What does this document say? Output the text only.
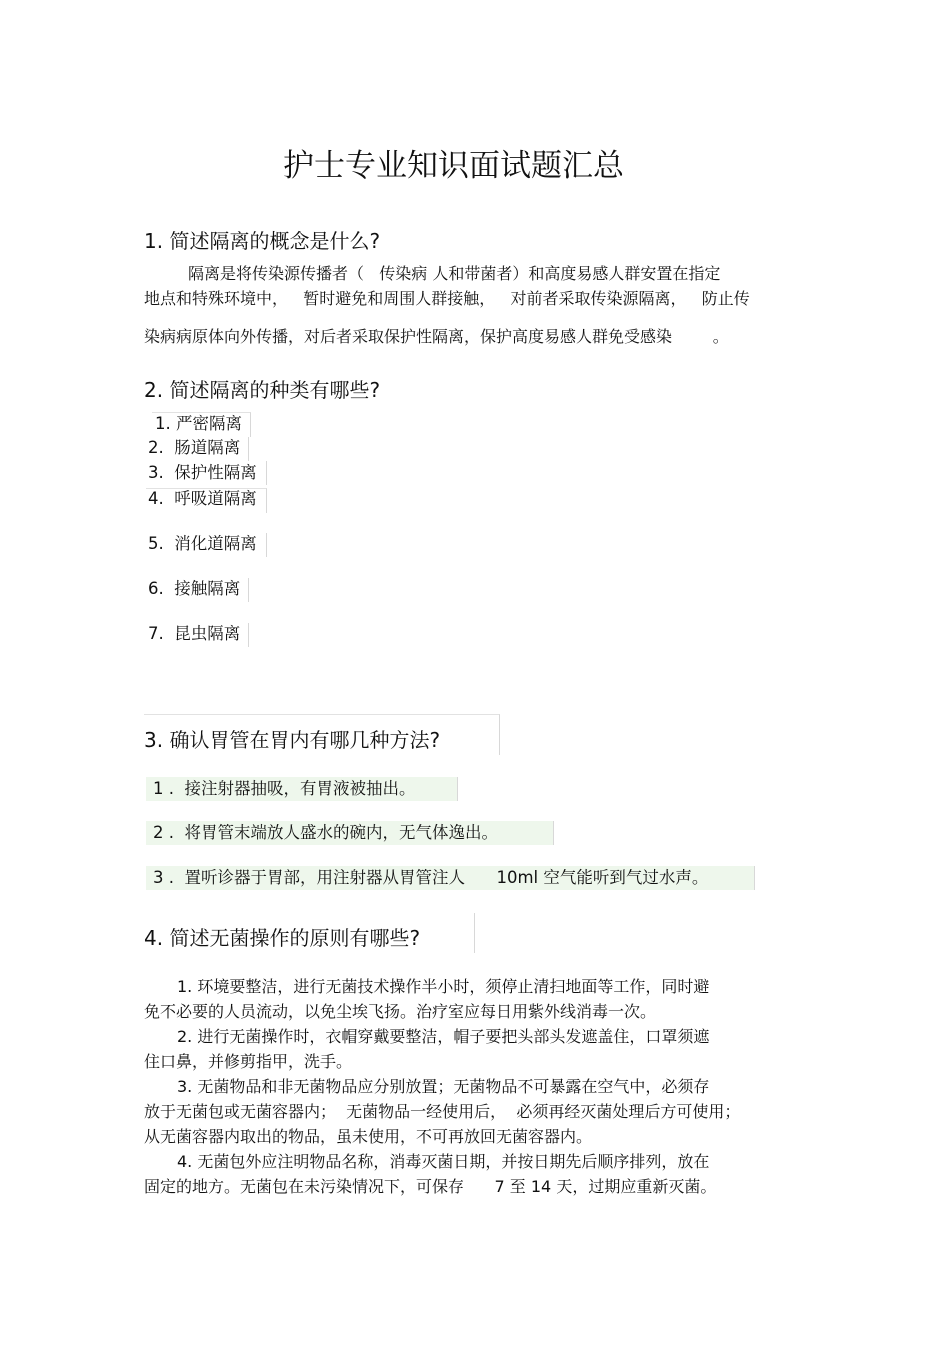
护士专业知识面试题汇总
1. 简述隔离的概念是什么?
隔离是将传染源传播者（   传染病 人和带菌者）和高度易感人群安置在指定
地点和特殊环境中，   暂时避免和周围人群接触，   对前者采取传染源隔离，   防止传
染病病原体向外传播，对后者采取保护性隔离，保护高度易感人群免受感染        。
2. 简述隔离的种类有哪些?
1. 严密隔离
2.  肠道隔离
3.  保护性隔离
4.  呼吸道隔离
5.  消化道隔离
6.  接触隔离
7.  昆虫隔离
3. 确认胃管在胃内有哪几种方法?
1 .  接注射器抽吸，有胃液被抽出。
2 .  将胃管末端放人盛水的碗内，无气体逸出。
3 .  置听诊器于胃部，用注射器从胃管注人      10ml 空气能听到气过水声。
4. 简述无菌操作的原则有哪些?
1. 环境要整洁，进行无菌技术操作半小时，须停止清扫地面等工作，同时避
免不必要的人员流动，以免尘埃飞扬。治疗室应每日用紫外线消毒一次。
2. 进行无菌操作时，衣帽穿戴要整洁，帽子要把头部头发遮盖住，口罩须遮
住口鼻，并修剪指甲，洗手。
3. 无菌物品和非无菌物品应分别放置；无菌物品不可暴露在空气中，必须存
放于无菌包或无菌容器内；  无菌物品一经使用后，  必须再经灭菌处理后方可使用；
从无菌容器内取出的物品，虽未使用，不可再放回无菌容器内。
4. 无菌包外应注明物品名称，消毒灭菌日期，并按日期先后顺序排列，放在
固定的地方。无菌包在未污染情况下，可保存      7 至 14 天，过期应重新灭菌。
